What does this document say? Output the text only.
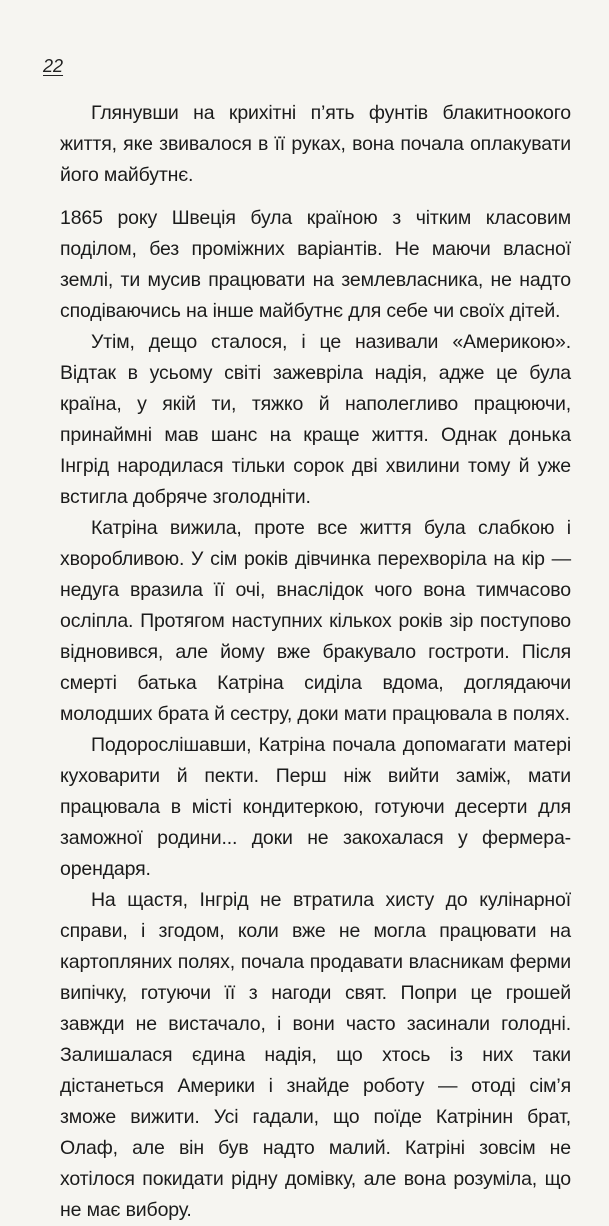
22

Глянувши на крихітні п’ять фунтів блакитноокого життя, яке звивалося в її руках, вона почала оплакувати його майбутнє.

1865 року Швеція була країною з чітким класовим поділом, без проміжних варіантів. Не маючи власної землі, ти мусив працювати на землевласника, не надто сподіваючись на інше майбутнє для себе чи своїх дітей.

Утім, дещо сталося, і це називали «Америкою». Відтак в усьому світі зажевріла надія, адже це була країна, у якій ти, тяжко й наполегливо працюючи, принаймні мав шанс на краще життя. Однак донька Інгрід народилася тільки сорок дві хвилини тому й уже встигла добряче зголодніти.

Катріна вижила, проте все життя була слабкою і хворобливою. У сім років дівчинка перехворіла на кір — недуга вразила її очі, внаслідок чого вона тимчасово осліпла. Протягом наступних кількох років зір поступово відновився, але йому вже бракувало гостроти. Після смерті батька Катріна сиділа вдома, доглядаючи молодших брата й сестру, доки мати працювала в полях.

Подорослішавши, Катріна почала допомагати матері куховарити й пекти. Перш ніж вийти заміж, мати працювала в місті кондитеркою, готуючи десерти для заможної родини... доки не закохалася у фермера-орендаря.

На щастя, Інгрід не втратила хисту до кулінарної справи, і згодом, коли вже не могла працювати на картопляних полях, почала продавати власникам ферми випічку, готуючи її з нагоди свят. Попри це грошей завжди не вистачало, і вони часто засинали голодні. Залишалася єдина надія, що хтось із них таки дістанеться Америки і знайде роботу — отоді сім’я зможе вижити. Усі гадали, що поїде Катрінин брат, Олаф, але він був надто малий. Катріні зовсім не хотілося покидати рідну домівку, але вона розуміла, що не має вибору.
